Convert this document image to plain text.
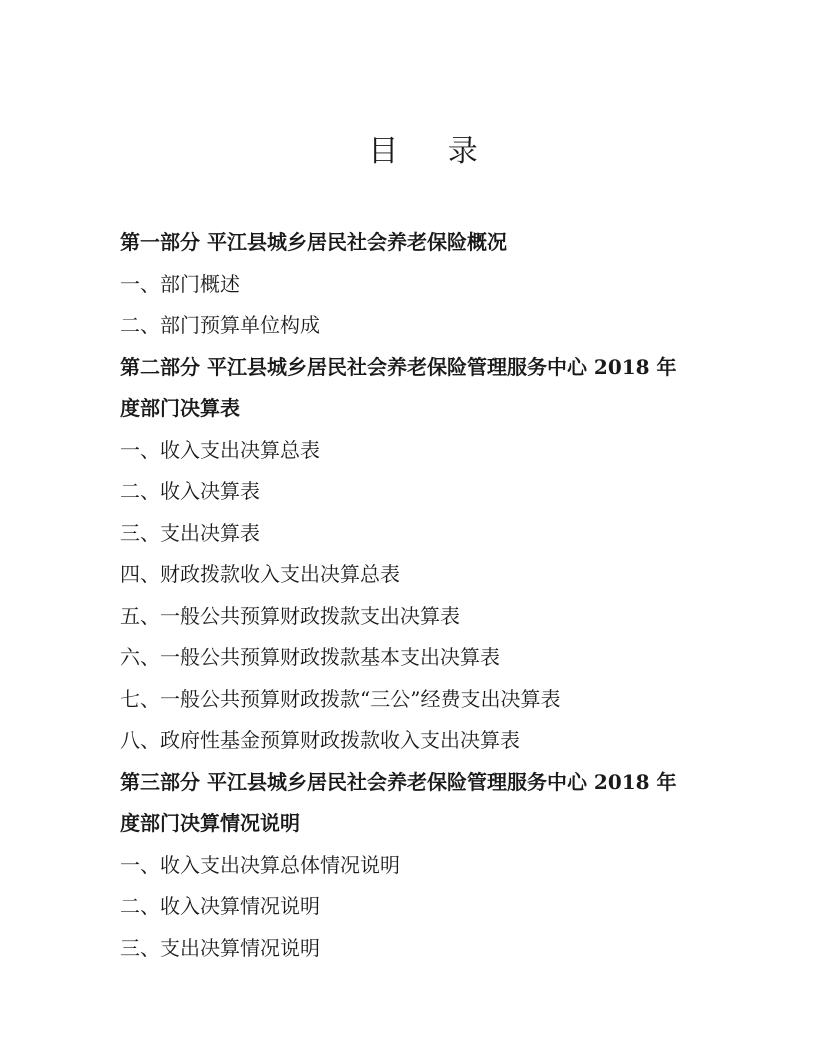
目 录
第一部分 平江县城乡居民社会养老保险概况
一、部门概述
二、部门预算单位构成
第二部分 平江县城乡居民社会养老保险管理服务中心 2018 年
度部门决算表
一、收入支出决算总表
二、收入决算表
三、支出决算表
四、财政拨款收入支出决算总表
五、一般公共预算财政拨款支出决算表
六、一般公共预算财政拨款基本支出决算表
七、一般公共预算财政拨款“三公”经费支出决算表
八、政府性基金预算财政拨款收入支出决算表
第三部分 平江县城乡居民社会养老保险管理服务中心 2018 年
度部门决算情况说明
一、收入支出决算总体情况说明
二、收入决算情况说明
三、支出决算情况说明
